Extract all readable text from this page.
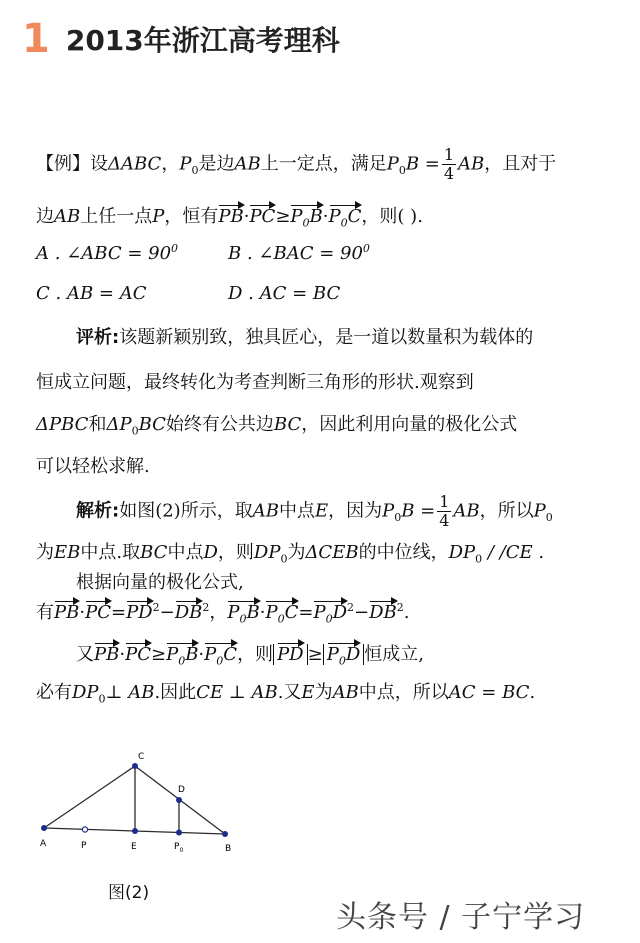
1 2013年浙江高考理科
【例】设ΔABC，$P_0$是边AB上一定点，满足$P_0B = \frac{1}{4}$ AB，且对于
边AB上任一点P，恒有$PB\cdot PC\ge P_0B\cdot P_0C$，则( ).
A . ∠ABC = $90^0$	B . ∠BAC = $90^0$
C . AB = AC	D . AC = BC
评析:该题新颖别致，独具匠心，是一道以数量积为载体的
恒成立问题，最终转化为考查判断三角形的形状.观察到
ΔPBC和$\Delta P_0BC$始终有公共边BC，因此利用向量的极化公式
可以轻松求解.
解析:如图(2)所示，取AB中点E，因为$P_0B = \frac{1}{4}$ AB，所以$P_0$
为EB中点.取BC中点D，则$DP_0$为ΔCEB的中位线，$DP_0 / /CE$ .
根据向量的极化公式,
有$PB\cdot PC=PD^2-DB^2$，$P_0B\cdot P_0C=P_0D^2-DB^2$.
又$PB\cdot PC\ge P_0B\cdot P_0C$，则 PD ≥ $P_0D$ 恒成立,
必有$DP_0\perp$ AB.因此CE ⊥ AB.又E为AB中点，所以AC = BC.
A	P	E	$P_0$	B
C
D
图(2)
头条号 / 子宁学习
